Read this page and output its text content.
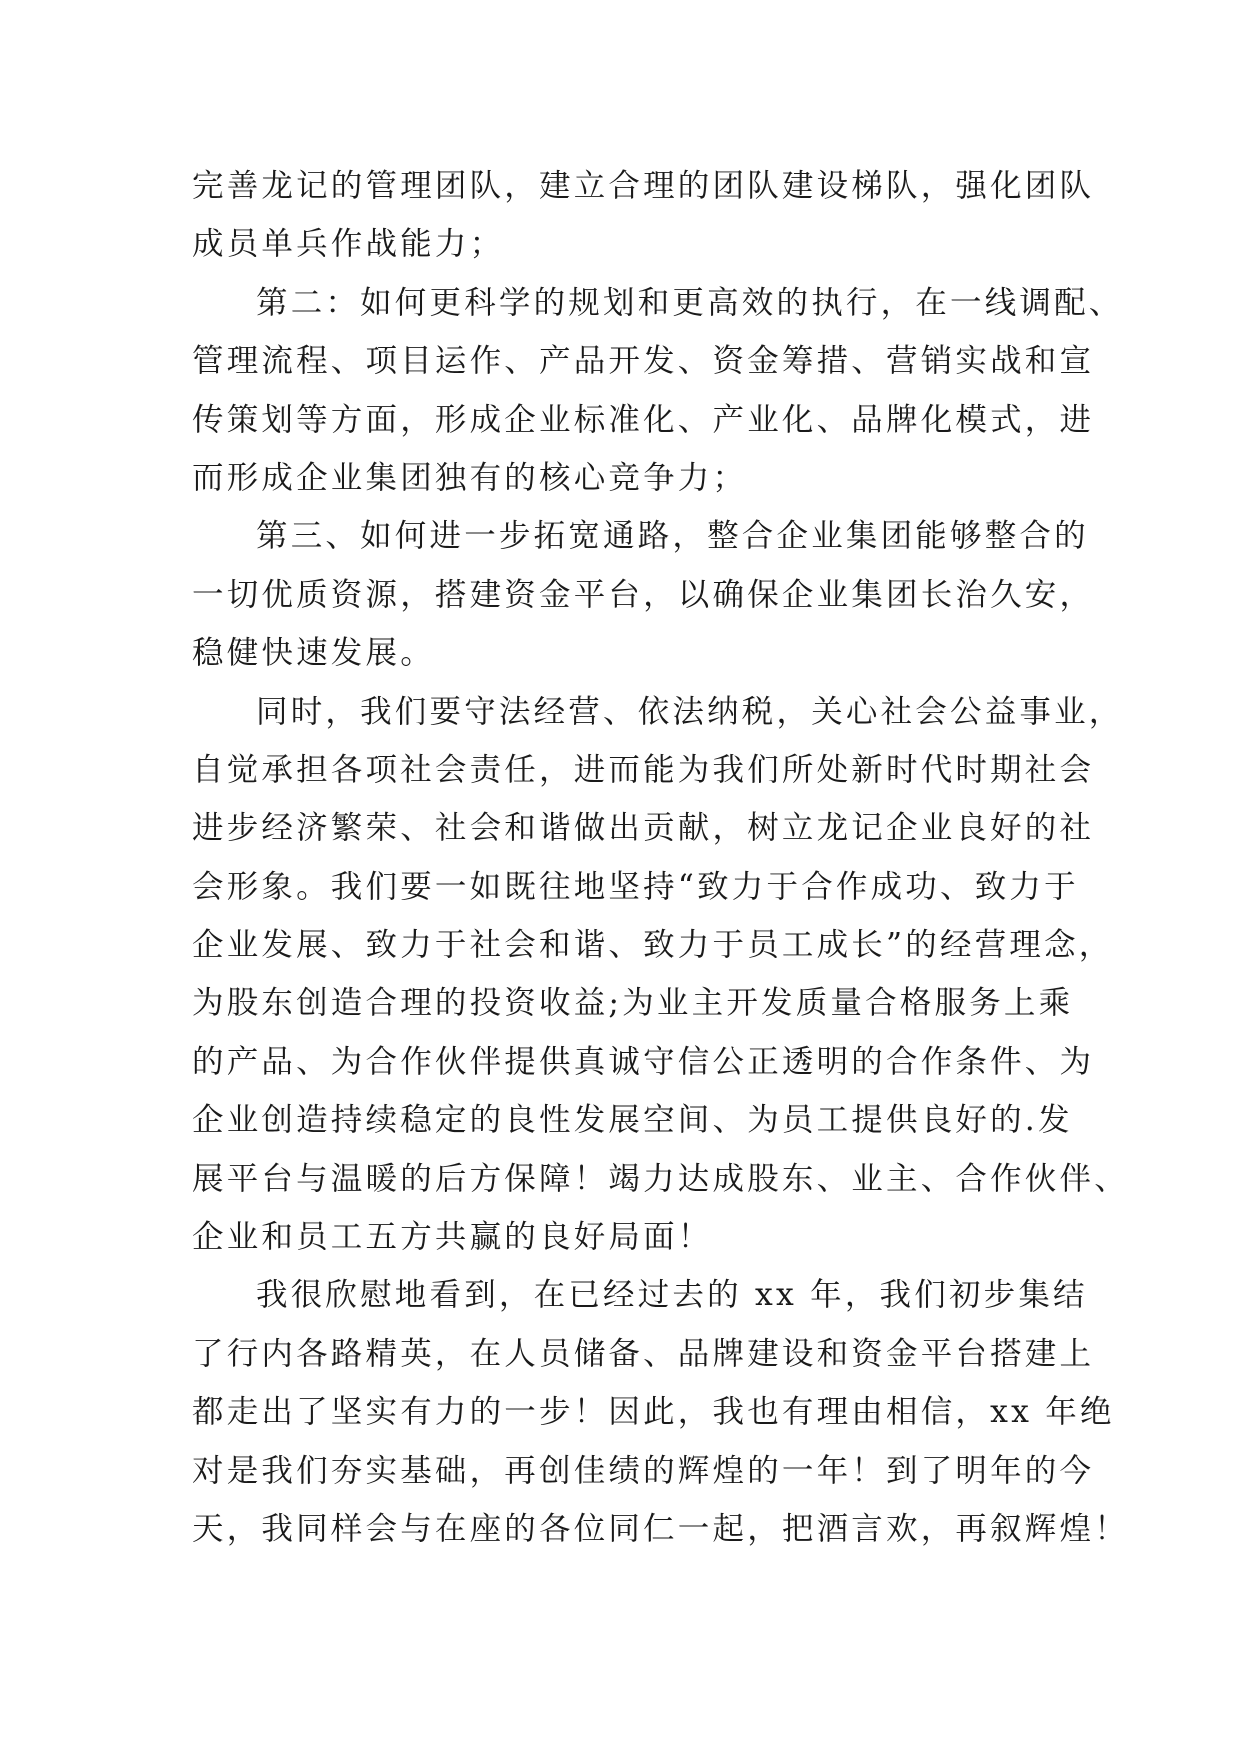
完善龙记的管理团队，建立合理的团队建设梯队，强化团队
成员单兵作战能力；
第二：如何更科学的规划和更高效的执行，在一线调配、
管理流程、项目运作、产品开发、资金筹措、营销实战和宣
传策划等方面，形成企业标准化、产业化、品牌化模式，进
而形成企业集团独有的核心竞争力；
第三、如何进一步拓宽通路，整合企业集团能够整合的
一切优质资源，搭建资金平台，以确保企业集团长治久安，
稳健快速发展。
同时，我们要守法经营、依法纳税，关心社会公益事业，
自觉承担各项社会责任，进而能为我们所处新时代时期社会
进步经济繁荣、社会和谐做出贡献，树立龙记企业良好的社
会形象。我们要一如既往地坚持“致力于合作成功、致力于
企业发展、致力于社会和谐、致力于员工成长”的经营理念，
为股东创造合理的投资收益;为业主开发质量合格服务上乘
的产品、为合作伙伴提供真诚守信公正透明的合作条件、为
企业创造持续稳定的良性发展空间、为员工提供良好的.发
展平台与温暖的后方保障！竭力达成股东、业主、合作伙伴、
企业和员工五方共赢的良好局面！
我很欣慰地看到，在已经过去的 xx 年，我们初步集结
了行内各路精英，在人员储备、品牌建设和资金平台搭建上
都走出了坚实有力的一步！因此，我也有理由相信，xx 年绝
对是我们夯实基础，再创佳绩的辉煌的一年！到了明年的今
天，我同样会与在座的各位同仁一起，把酒言欢，再叙辉煌！
